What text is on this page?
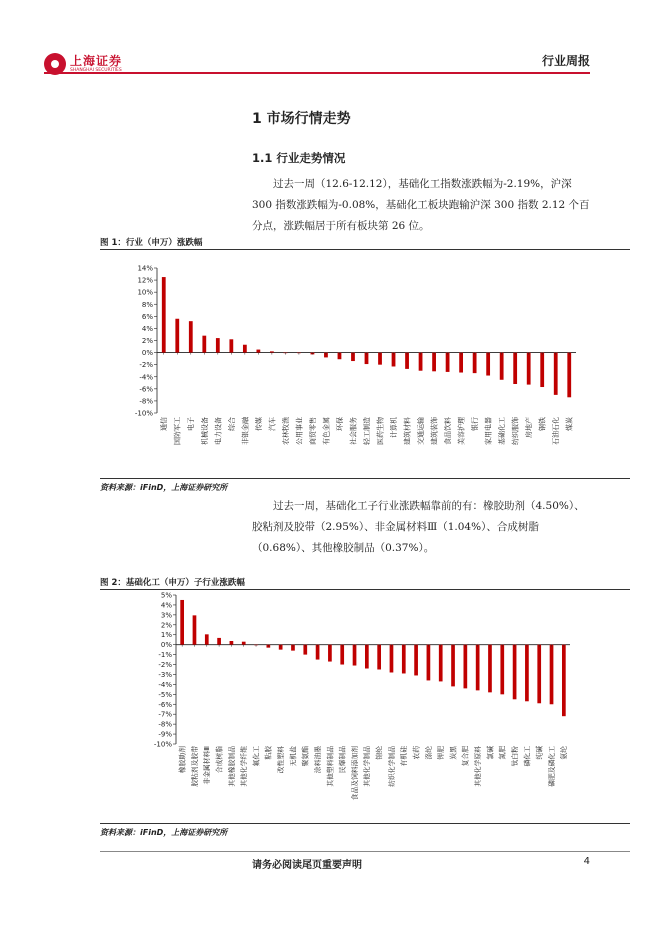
上海证券
SHANGHAI SECURITIES
行业周报
1 市场行情走势
1.1 行业走势情况
过去一周（12.6-12.12），基础化工指数涨跌幅为-2.19%，沪深 300 指数涨跌幅为-0.08%，基础化工板块跑输沪深 300 指数 2.12 个百分点，涨跌幅居于所有板块第 26 位。
图 1：行业（申万）涨跌幅
14%
12%
10%
8%
6%
4%
2%
0%
-2%
-4%
-6%
-8%
-10%
通信 国防军工 电子 机械设备 电力设备 综合 非银金融 传媒 汽车 农林牧渔 公用事业 商贸零售 有色金属 环保 社会服务 轻工制造 医药生物 计算机 建筑材料 交通运输 建筑装饰 食品饮料 美容护理 银行 家用电器 基础化工 纺织服饰 房地产 钢铁 石油石化 煤炭
资料来源：iFinD，上海证券研究所
过去一周，基础化工子行业涨跌幅靠前的有：橡胶助剂（4.50%）、胶粘剂及胶带（2.95%）、非金属材料Ⅲ（1.04%）、合成树脂（0.68%）、其他橡胶制品（0.37%）。
图 2：基础化工（申万）子行业涨跌幅
5%
4%
3%
2%
1%
0%
-1%
-2%
-3%
-4%
-5%
-6%
-7%
-8%
-9%
-10%
橡胶助剂 胶粘剂及胶带 非金属材料Ⅲ 合成树脂 其他橡胶制品 其他化学纤维 氟化工 粘胶 改性塑料 无机盐 聚氨酯 涂料油墨 其他塑料制品 民爆制品 食品及饲料添加剂 其他化学制品 锦纶 纺织化学制品 有机硅 农药 涤纶 钾肥 炭黑 复合肥 其他化学原料 氯碱 氮肥 钛白粉 磷化工 纯碱 磷肥及磷化工 氨纶
资料来源：iFinD，上海证券研究所
请务必阅读尾页重要声明	4
